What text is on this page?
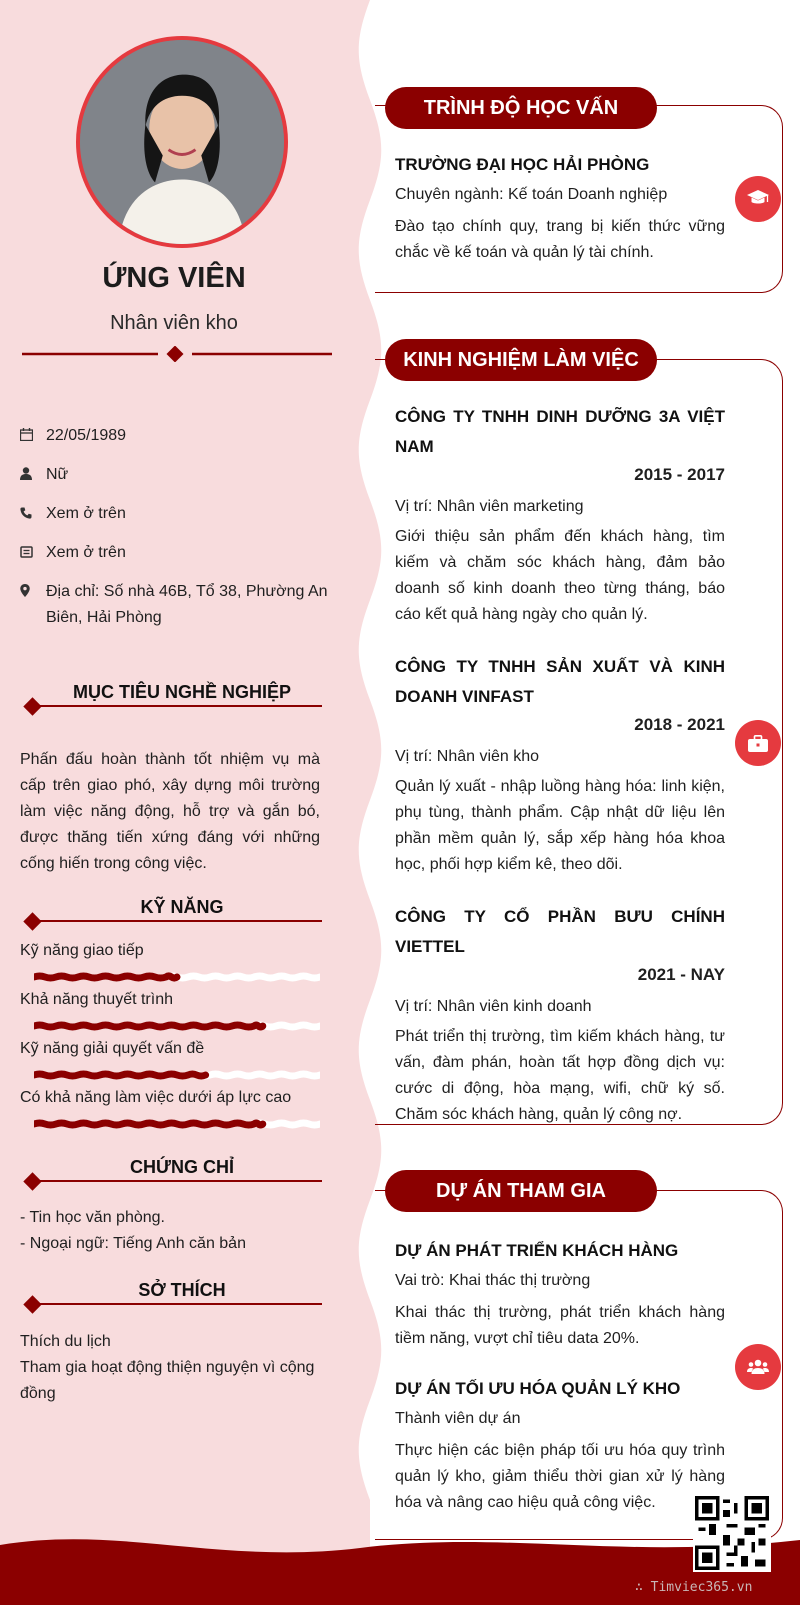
ỨNG VIÊN
Nhân viên kho
22/05/1989
Nữ
Xem ở trên
Xem ở trên
Địa chỉ: Số nhà 46B, Tổ 38, Phường An Biên, Hải Phòng
MỤC TIÊU NGHỀ NGHIỆP
Phấn đấu hoàn thành tốt nhiệm vụ mà cấp trên giao phó, xây dựng môi trường làm việc năng động, hỗ trợ và gắn bó, được thăng tiến xứng đáng với những cống hiến trong công việc.
KỸ NĂNG
Kỹ năng giao tiếp
Khả năng thuyết trình
Kỹ năng giải quyết vấn đề
Có khả năng làm việc dưới áp lực cao
CHỨNG CHỈ
- Tin học văn phòng.
- Ngoại ngữ: Tiếng Anh căn bản
SỞ THÍCH
Thích du lịch
Tham gia hoạt động thiện nguyện vì cộng đồng
TRÌNH ĐỘ HỌC VẤN
TRƯỜNG ĐẠI HỌC HẢI PHÒNG
Chuyên ngành: Kế toán Doanh nghiệp
Đào tạo chính quy, trang bị kiến thức vững chắc về kế toán và quản lý tài chính.
KINH NGHIỆM LÀM VIỆC
CÔNG TY TNHH DINH DƯỠNG 3A VIỆT NAM
2015 - 2017
Vị trí: Nhân viên marketing
Giới thiệu sản phẩm đến khách hàng, tìm kiếm và chăm sóc khách hàng, đảm bảo doanh số kinh doanh theo từng tháng, báo cáo kết quả hàng ngày cho quản lý.
CÔNG TY TNHH SẢN XUẤT VÀ KINH DOANH VINFAST
2018 - 2021
Vị trí: Nhân viên kho
Quản lý xuất - nhập luồng hàng hóa: linh kiện, phụ tùng, thành phẩm. Cập nhật dữ liệu lên phần mềm quản lý, sắp xếp hàng hóa khoa học, phối hợp kiểm kê, theo dõi.
CÔNG TY CỔ PHẦN BƯU CHÍNH VIETTEL
2021 - NAY
Vị trí: Nhân viên kinh doanh
Phát triển thị trường, tìm kiếm khách hàng, tư vấn, đàm phán, hoàn tất hợp đồng dịch vụ: cước di động, hòa mạng, wifi, chữ ký số. Chăm sóc khách hàng, quản lý công nợ.
DỰ ÁN THAM GIA
DỰ ÁN PHÁT TRIỂN KHÁCH HÀNG
Vai trò: Khai thác thị trường
Khai thác thị trường, phát triển khách hàng tiềm năng, vượt chỉ tiêu data 20%.
DỰ ÁN TỐI ƯU HÓA QUẢN LÝ KHO
Thành viên dự án
Thực hiện các biện pháp tối ưu hóa quy trình quản lý kho, giảm thiểu thời gian xử lý hàng hóa và nâng cao hiệu quả công việc.
∴ Timviec365.vn
